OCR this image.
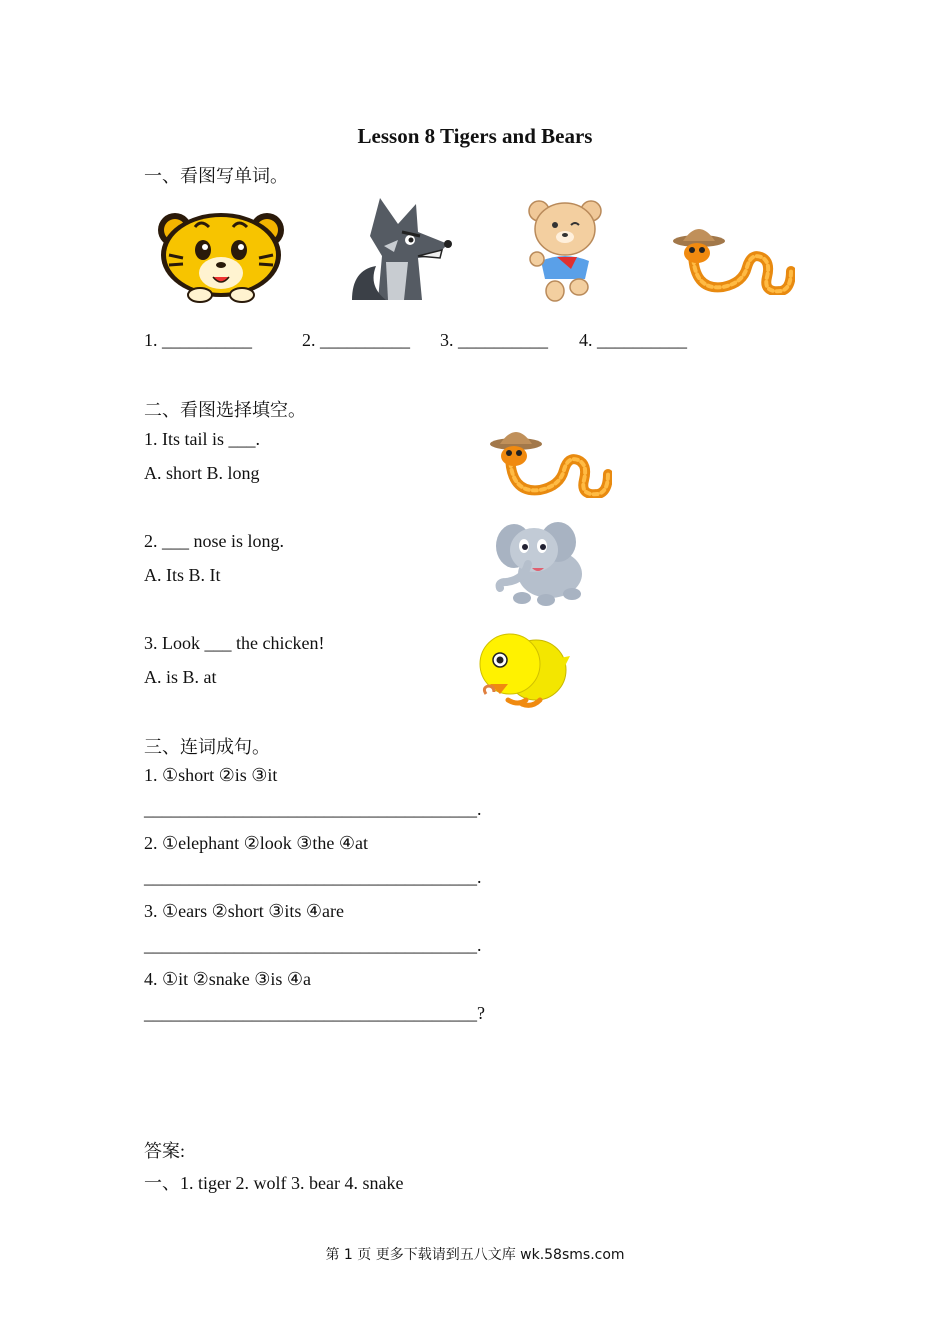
Lesson 8 Tigers and Bears
一、看图写单词。
1. __________	2. __________ 3. __________ 4. __________
二、看图选择填空。
1. Its tail is ___.
A. short B. long
2. ___ nose is long.
A. Its B. It
3. Look ___ the chicken!
A. is B. at
三、连词成句。
1. ①short ②is ③it
_____________________________________.
2. ①elephant ②look ③the ④at
_____________________________________.
3. ①ears ②short ③its ④are
_____________________________________.
4. ①it ②snake ③is ④a
_____________________________________?
答案:
一、1. tiger 2. wolf 3. bear 4. snake
第 1 页 更多下载请到五八文库 wk.58sms.com
